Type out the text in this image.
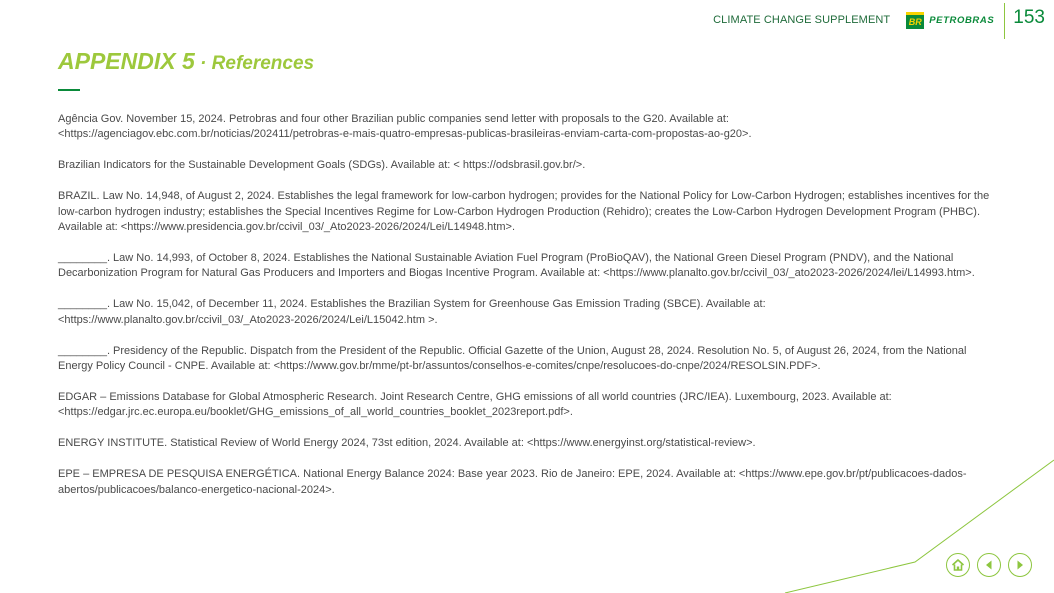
CLIMATE CHANGE SUPPLEMENT BR PETROBRAS 153
APPENDIX 5 · References

Agência Gov. November 15, 2024. Petrobras and four other Brazilian public companies send letter with proposals to the G20. Available at: <https://agenciagov.ebc.com.br/noticias/202411/petrobras-e-mais-quatro-empresas-publicas-brasileiras-enviam-carta-com-propostas-ao-g20>.

Brazilian Indicators for the Sustainable Development Goals (SDGs). Available at: < https://odsbrasil.gov.br/>.

BRAZIL. Law No. 14,948, of August 2, 2024. Establishes the legal framework for low-carbon hydrogen; provides for the National Policy for Low-Carbon Hydrogen; establishes incentives for the low-carbon hydrogen industry; establishes the Special Incentives Regime for Low-Carbon Hydrogen Production (Rehidro); creates the Low-Carbon Hydrogen Development Program (PHBC). Available at: <https://www.presidencia.gov.br/ccivil_03/_Ato2023-2026/2024/Lei/L14948.htm>.

________. Law No. 14,993, of October 8, 2024. Establishes the National Sustainable Aviation Fuel Program (ProBioQAV), the National Green Diesel Program (PNDV), and the National Decarbonization Program for Natural Gas Producers and Importers and Biogas Incentive Program. Available at: <https://www.planalto.gov.br/ccivil_03/_ato2023-2026/2024/lei/L14993.htm>.

________. Law No. 15,042, of December 11, 2024. Establishes the Brazilian System for Greenhouse Gas Emission Trading (SBCE). Available at: <https://www.planalto.gov.br/ccivil_03/_Ato2023-2026/2024/Lei/L15042.htm >.

________. Presidency of the Republic. Dispatch from the President of the Republic. Official Gazette of the Union, August 28, 2024. Resolution No. 5, of August 26, 2024, from the National Energy Policy Council - CNPE. Available at: <https://www.gov.br/mme/pt-br/assuntos/conselhos-e-comites/cnpe/resolucoes-do-cnpe/2024/RESOLSIN.PDF>.

EDGAR – Emissions Database for Global Atmospheric Research. Joint Research Centre, GHG emissions of all world countries (JRC/IEA). Luxembourg, 2023. Available at: <https://edgar.jrc.ec.europa.eu/booklet/GHG_emissions_of_all_world_countries_booklet_2023report.pdf>.

ENERGY INSTITUTE. Statistical Review of World Energy 2024, 73st edition, 2024. Available at: <https://www.energyinst.org/statistical-review>.

EPE – EMPRESA DE PESQUISA ENERGÉTICA. National Energy Balance 2024: Base year 2023. Rio de Janeiro: EPE, 2024. Available at: <https://www.epe.gov.br/pt/publicacoes-dados-abertos/publicacoes/balanco-energetico-nacional-2024>.
